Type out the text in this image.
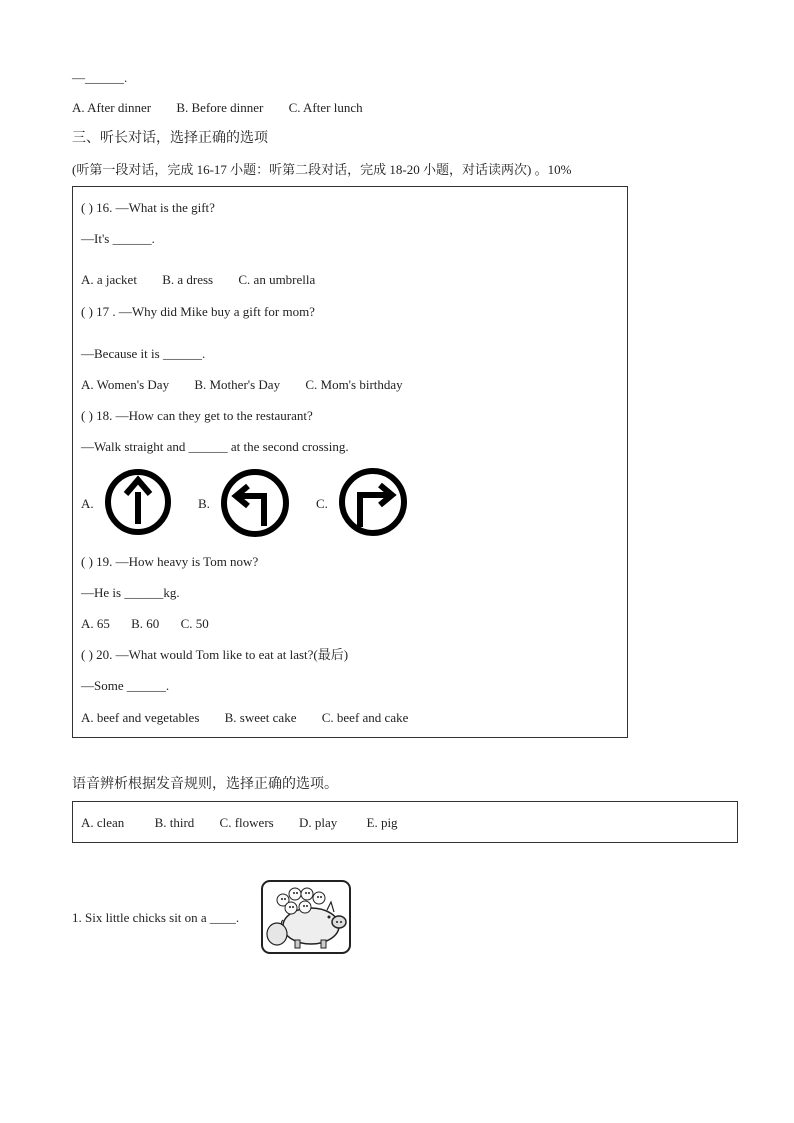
—______.
A. After dinner B. Before dinner C. After lunch
三、听长对话，选择正确的选项
(听第一段对话，完成 16-17 小题：听第二段对话，完成 18-20 小题，对话读两次) 。10%
( ) 16. —What is the gift?
—It's ______.
A. a jacket B. a dress C. an umbrella
( ) 17 . —Why did Mike buy a gift for mom?
—Because it is ______.
A. Women's Day B. Mother's Day C. Mom's birthday
( ) 18. —How can they get to the restaurant?
—Walk straight and ______ at the second crossing.
A.	B.	C.
( ) 19. —How heavy is Tom now?
—He is ______kg.
A. 65 B. 60 C. 50
( ) 20. —What would Tom like to eat at last?(最后)
—Some ______.
A. beef and vegetables B. sweet cake C. beef and cake
语音辨析根据发音规则，选择正确的选项。
A. clean B. third C. flowers D. play E. pig
1. Six little chicks sit on a ____.
